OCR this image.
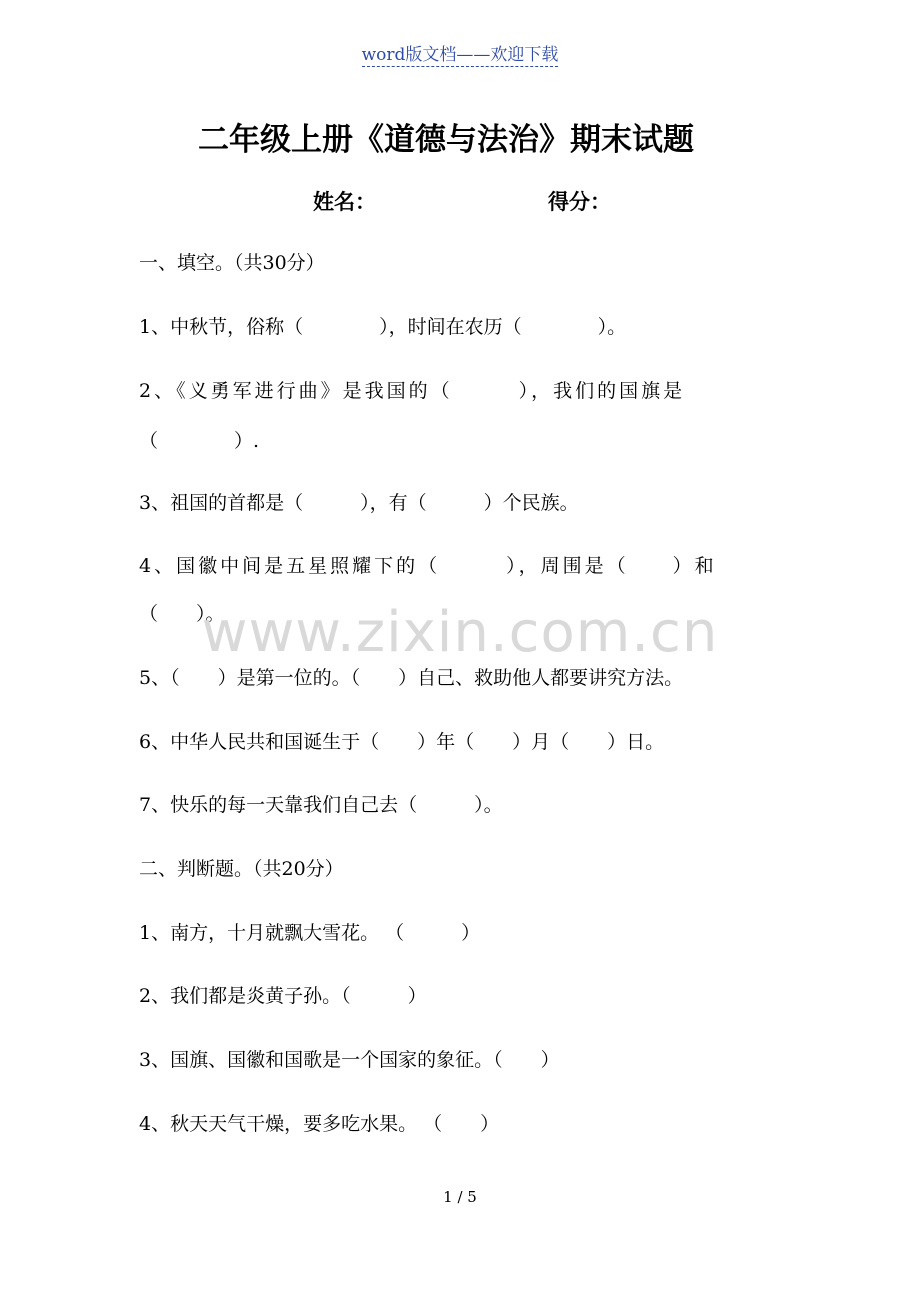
word版文档——欢迎下载
二年级上册《道德与法治》期末试题
姓名：	得分：
一、填空。（共30分）
1、中秋节，俗称（　　　　），时间在农历（　　　　）。
2、《义勇军进行曲》是我国的（　　　），我们的国旗是
（　　　　）.
3、祖国的首都是（　　　），有（　　　）个民族。
4、国徽中间是五星照耀下的（　　　），周围是（　　）和
（　　）。
5、（　　）是第一位的。（　　）自己、救助他人都要讲究方法。
6、中华人民共和国诞生于（　　）年（　　）月（　　）日。
7、快乐的每一天靠我们自己去（　　　）。
二、判断题。（共20分）
1、南方，十月就飘大雪花。 （　　　）
2、我们都是炎黄子孙。（　　　）
3、国旗、国徽和国歌是一个国家的象征。（　　）
4、秋天天气干燥，要多吃水果。 （　　）
www.zixin.com.cn
1 / 5
